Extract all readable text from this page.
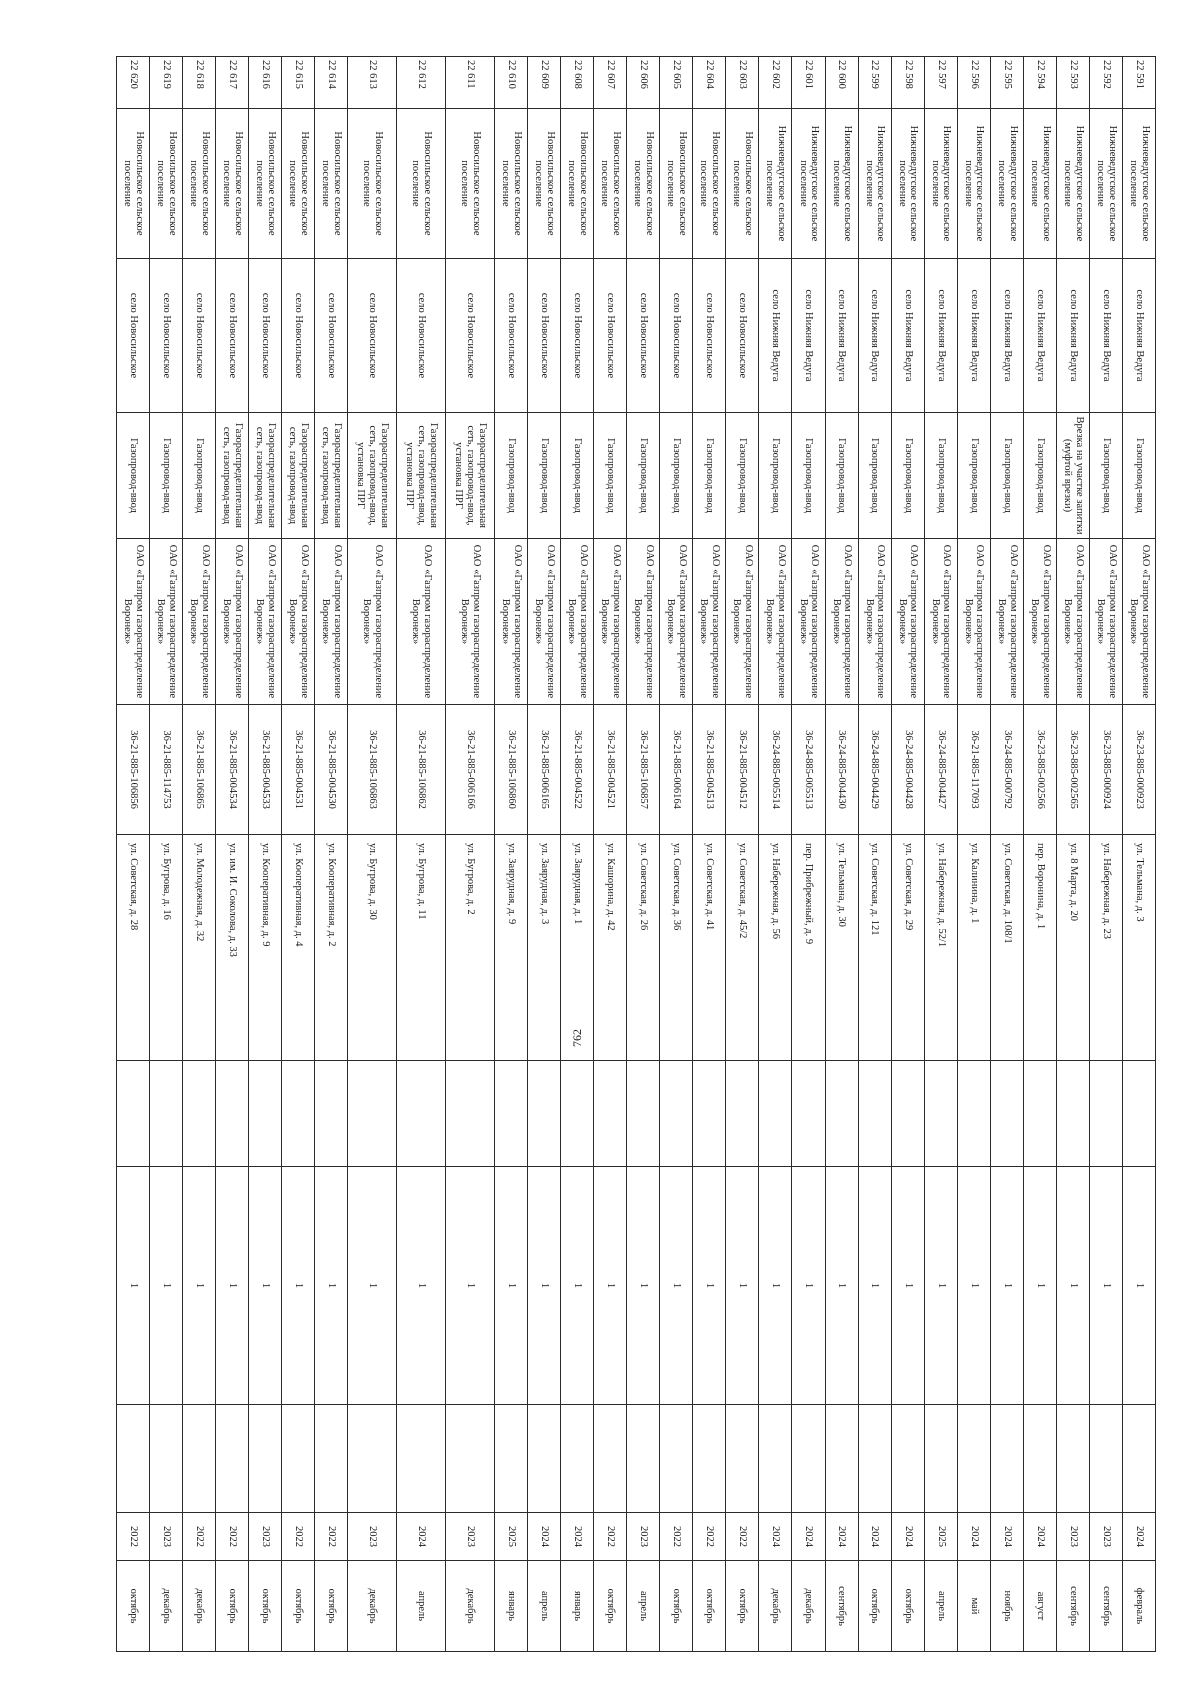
762
22 591	Нижневедугское сельское поселение	село Нижняя Ведуга	Газопровод-ввод	ОАО «Газпром газораспределение Воронеж»	36-23-885-000923	ул. Тельмана, д. 3		1		2024	февраль
22 592	Нижневедугское сельское поселение	село Нижняя Ведуга	Газопровод-ввод	ОАО «Газпром газораспределение Воронеж»	36-23-885-000924	ул. Набережная, д. 23		1		2023	сентябрь
22 593	Нижневедугское сельское поселение	село Нижняя Ведуга	Врезка на участке запитки (муфтой врезки)	ОАО «Газпром газораспределение Воронеж»	36-23-885-002565	ул. 8 Марта, д. 20		1		2023	сентябрь
22 594	Нижневедугское сельское поселение	село Нижняя Ведуга	Газопровод-ввод	ОАО «Газпром газораспределение Воронеж»	36-23-885-002566	пер. Воронина, д. 1		1		2024	август
22 595	Нижневедугское сельское поселение	село Нижняя Ведуга	Газопровод-ввод	ОАО «Газпром газораспределение Воронеж»	36-24-885-000792	ул. Советская, д. 108/1		1		2024	ноябрь
22 596	Нижневедугское сельское поселение	село Нижняя Ведуга	Газопровод-ввод	ОАО «Газпром газораспределение Воронеж»	36-21-885-117093	ул. Калинина, д. 1		1		2024	май
22 597	Нижневедугское сельское поселение	село Нижняя Ведуга	Газопровод-ввод	ОАО «Газпром газораспределение Воронеж»	36-24-885-004427	ул. Набережная, д. 52/1		1		2025	апрель
22 598	Нижневедугское сельское поселение	село Нижняя Ведуга	Газопровод-ввод	ОАО «Газпром газораспределение Воронеж»	36-24-885-004428	ул. Советская, д. 29		1		2024	октябрь
22 599	Нижневедугское сельское поселение	село Нижняя Ведуга	Газопровод-ввод	ОАО «Газпром газораспределение Воронеж»	36-24-885-004429	ул. Советская, д. 121		1		2024	октябрь
22 600	Нижневедугское сельское поселение	село Нижняя Ведуга	Газопровод-ввод	ОАО «Газпром газораспределение Воронеж»	36-24-885-004430	ул. Тельмана, д. 30		1		2024	сентябрь
22 601	Нижневедугское сельское поселение	село Нижняя Ведуга	Газопровод-ввод	ОАО «Газпром газораспределение Воронеж»	36-24-885-005513	пер. Прибрежный, д. 9		1		2024	декабрь
22 602	Нижневедугское сельское поселение	село Нижняя Ведуга	Газопровод-ввод	ОАО «Газпром газораспределение Воронеж»	36-24-885-005514	ул. Набережная, д. 56		1		2024	декабрь
22 603	Новосильское сельское поселение	село Новосильское	Газопровод-ввод	ОАО «Газпром газораспределение Воронеж»	36-21-885-004512	ул. Советская, д. 45/2		1		2022	октябрь
22 604	Новосильское сельское поселение	село Новосильское	Газопровод-ввод	ОАО «Газпром газораспределение Воронеж»	36-21-885-004513	ул. Советская, д. 41		1		2022	октябрь
22 605	Новосильское сельское поселение	село Новосильское	Газопровод-ввод	ОАО «Газпром газораспределение Воронеж»	36-21-885-006164	ул. Советская, д. 36		1		2022	октябрь
22 606	Новосильское сельское поселение	село Новосильское	Газопровод-ввод	ОАО «Газпром газораспределение Воронеж»	36-21-885-106857	ул. Советская, д. 26		1		2023	апрель
22 607	Новосильское сельское поселение	село Новосильское	Газопровод-ввод	ОАО «Газпром газораспределение Воронеж»	36-21-885-004521	ул. Кашорина, д. 42		1		2022	октябрь
22 608	Новосильское сельское поселение	село Новосильское	Газопровод-ввод	ОАО «Газпром газораспределение Воронеж»	36-21-885-004522	ул. Заярудная, д. 1		1		2024	январь
22 609	Новосильское сельское поселение	село Новосильское	Газопровод-ввод	ОАО «Газпром газораспределение Воронеж»	36-21-885-006165	ул. Заярудная, д. 3		1		2024	апрель
22 610	Новосильское сельское поселение	село Новосильское	Газопровод-ввод	ОАО «Газпром газораспределение Воронеж»	36-21-885-106860	ул. Заярудная, д. 9		1		2025	январь
22 611	Новосильское сельское поселение	село Новосильское	Газораспределительная сеть, газопровод-ввод, установка ПРГ	ОАО «Газпром газораспределение Воронеж»	36-21-885-006166	ул. Бугрова, д. 2		1		2023	декабрь
22 612	Новосильское сельское поселение	село Новосильское	Газораспределительная сеть, газопровод-ввод, установка ПРГ	ОАО «Газпром газораспределение Воронеж»	36-21-885-106862	ул. Бугрова, д. 11		1		2024	апрель
22 613	Новосильское сельское поселение	село Новосильское	Газораспределительная сеть, газопровод-ввод, установка ПРГ	ОАО «Газпром газораспределение Воронеж»	36-21-885-106863	ул. Бугрова, д. 30		1		2023	декабрь
22 614	Новосильское сельское поселение	село Новосильское	Газораспределительная сеть, газопровод-ввод	ОАО «Газпром газораспределение Воронеж»	36-21-885-004530	ул. Кооперативная, д. 2		1		2022	октябрь
22 615	Новосильское сельское поселение	село Новосильское	Газораспределительная сеть, газопровод-ввод	ОАО «Газпром газораспределение Воронеж»	36-21-885-004531	ул. Кооперативная, д. 4		1		2022	октябрь
22 616	Новосильское сельское поселение	село Новосильское	Газораспределительная сеть, газопровод-ввод	ОАО «Газпром газораспределение Воронеж»	36-21-885-004533	ул. Кооперативная, д. 9		1		2023	октябрь
22 617	Новосильское сельское поселение	село Новосильское	Газораспределительная сеть, газопровод-ввод	ОАО «Газпром газораспределение Воронеж»	36-21-885-004534	ул. им. И. Соколова, д. 33		1		2022	октябрь
22 618	Новосильское сельское поселение	село Новосильское	Газопровод-ввод	ОАО «Газпром газораспределение Воронеж»	36-21-885-106865	ул. Молодежная, д. 32		1		2022	декабрь
22 619	Новосильское сельское поселение	село Новосильское	Газопровод-ввод	ОАО «Газпром газораспределение Воронеж»	36-21-885-114753	ул. Бугрова, д. 16		1		2023	декабрь
22 620	Новосильское сельское поселение	село Новосильское	Газопровод-ввод	ОАО «Газпром газораспределение Воронеж»	36-21-885-106856	ул. Советская, д. 28		1		2022	октябрь
